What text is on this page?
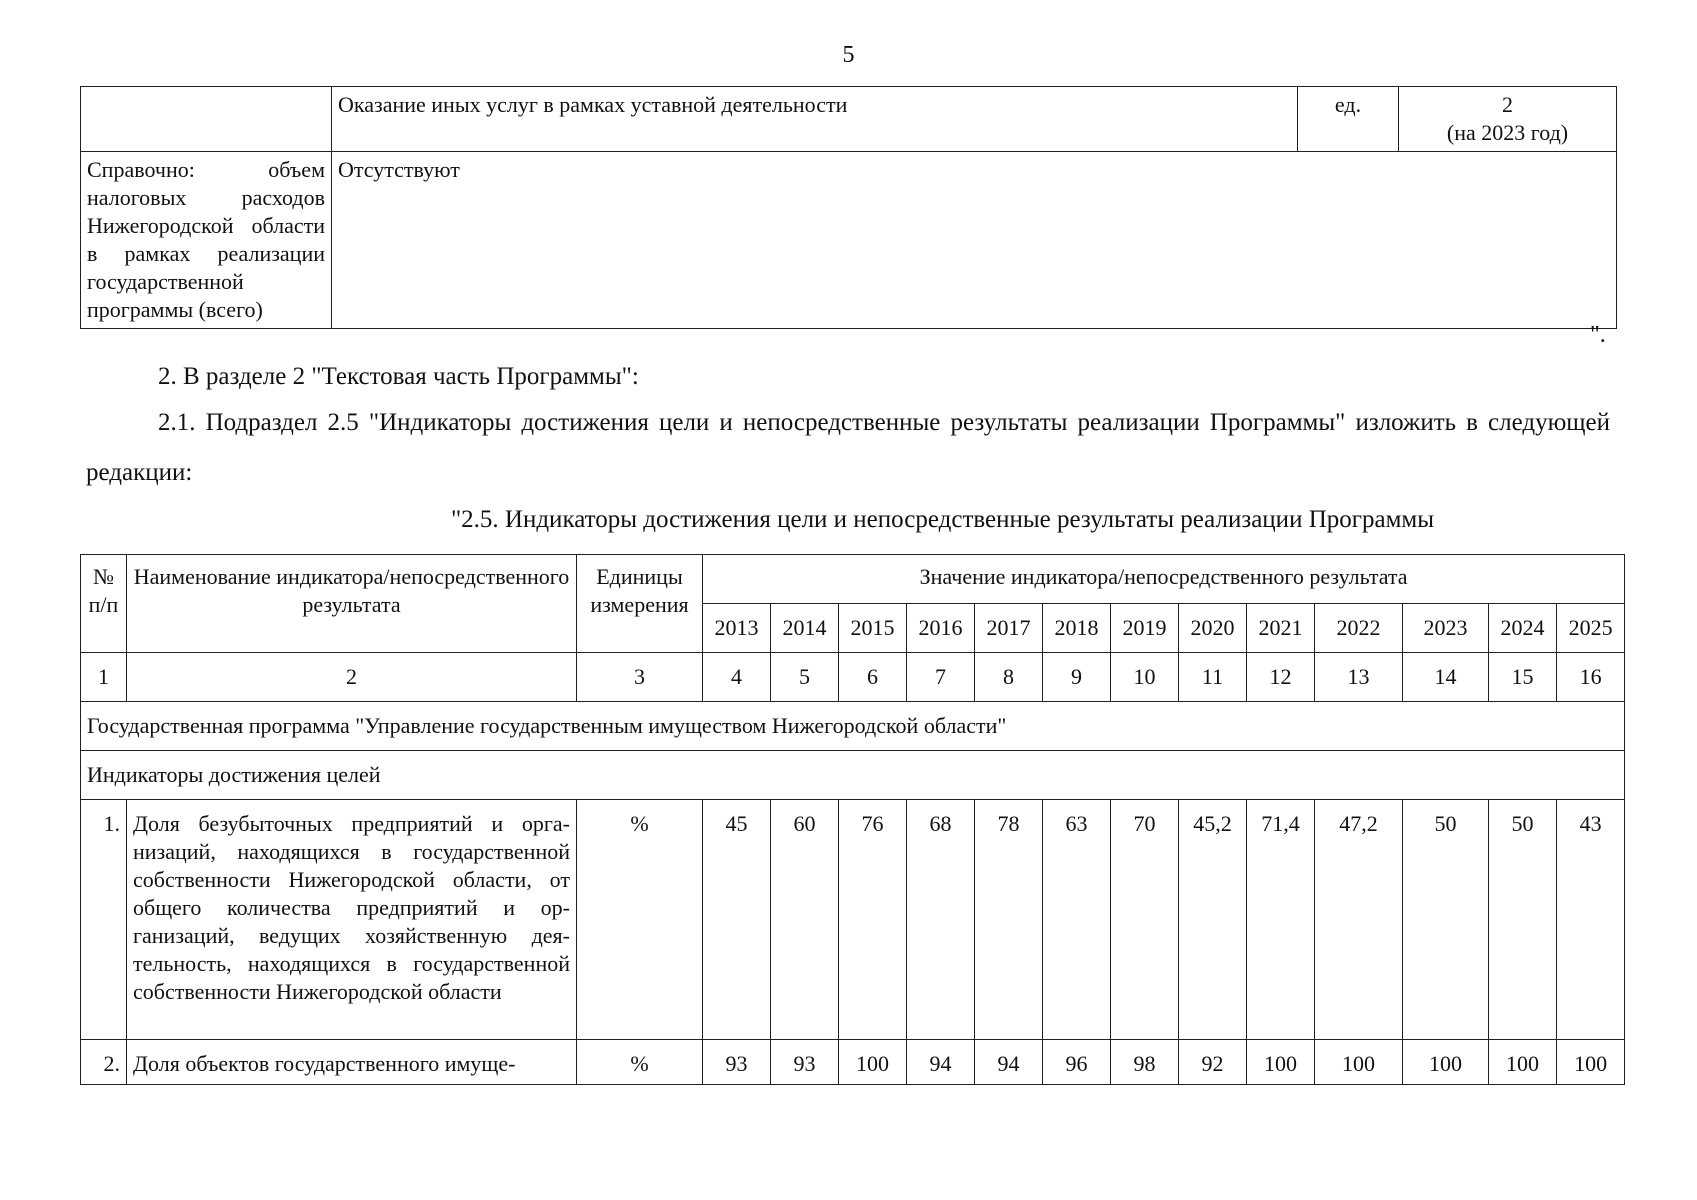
5
	Оказание иных услуг в рамках уставной деятельности	ед.	2
(на 2023 год)

Справочно: объем налоговых расходов Нижегородской области в рамках реализации государственной программы (всего)	Отсутствуют		
".
2. В разделе 2 "Текстовая часть Программы":
2.1. Подраздел 2.5 "Индикаторы достижения цели и непосредственные результаты реализации Программы" изложить в следующей редакции:
"2.5. Индикаторы достижения цели и непосредственные результаты реализации Программы
№ п/п	Наименование индикатора/непосредственного результата	Единицы измерения	Значение индикатора/непосредственного результата												
			2013	2014	2015	2016	2017	2018	2019	2020	2021	2022	2023	2024	2025
1	2	3	4	5	6	7	8	9	10	11	12	13	14	15	16
Государственная программа "Управление государственным имуществом Нижегородской области"															
Индикаторы достижения целей															
1.	Доля безубыточных предприятий и организаций, находящихся в государственной собственности Нижегородской области, от общего количества предприятий и организаций, ведущих хозяйственную деятельность, находящихся в государственной собственности Нижегородской области	%	45	60	76	68	78	63	70	45,2	71,4	47,2	50	50	43
2.	Доля объектов государственного имуще-	%	93	93	100	94	94	96	98	92	100	100	100	100	100
